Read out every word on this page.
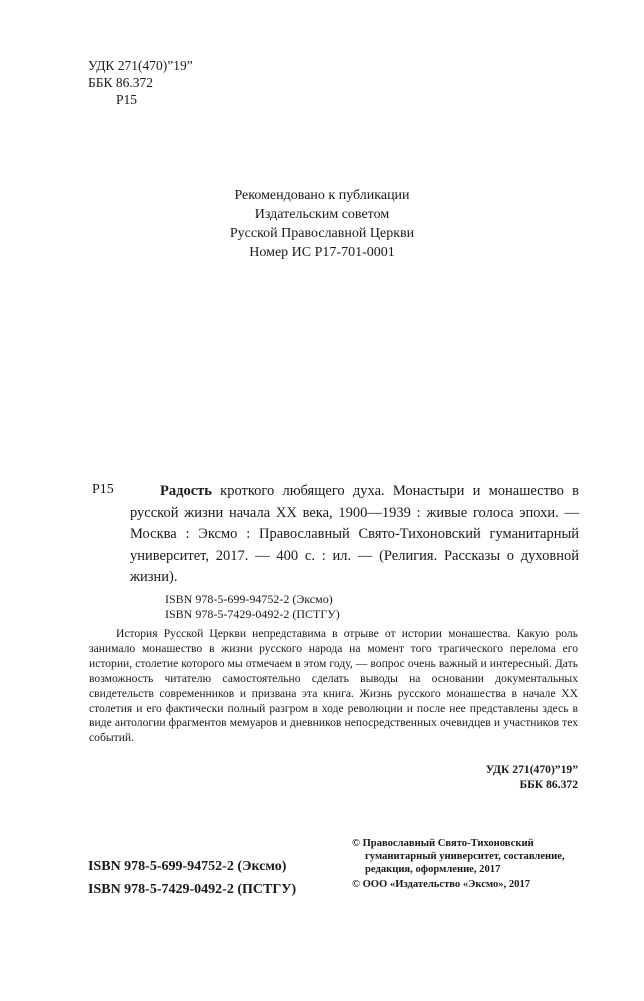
УДК 271(470)”19”
ББК 86.372
Р15
Рекомендовано к публикации
Издательским советом
Русской Православной Церкви
Номер ИС Р17-701-0001
Р15	Радость кроткого любящего духа. Монастыри и монашество в русской жизни начала XX века, 1900—1939 : живые голоса эпохи. — Москва : Эксмо : Православный Свято-Тихоновский гуманитарный университет, 2017. — 400 с. : ил. — (Религия. Рассказы о духовной жизни).

ISBN 978-5-699-94752-2 (Эксмо)
ISBN 978-5-7429-0492-2 (ПСТГУ)

История Русской Церкви непредставима в отрыве от истории монашества. Какую роль занимало монашество в жизни русского народа на момент того трагического перелома его истории, столетие которого мы отмечаем в этом году, — вопрос очень важный и интересный. Дать возможность читателю самостоятельно сделать выводы на основании документальных свидетельств современников и призвана эта книга. Жизнь русского монашества в начале XX столетия и его фактически полный разгром в ходе революции и после нее представлены здесь в виде антологии фрагментов мемуаров и дневников непосредственных очевидцев и участников тех событий.

УДК 271(470)”19”
ББК 86.372
ISBN 978-5-699-94752-2 (Эксмо)
ISBN 978-5-7429-0492-2 (ПСТГУ)

© Православный Свято-Тихоновский гуманитарный университет, составление, редакция, оформление, 2017

© ООО «Издательство «Эксмо», 2017
